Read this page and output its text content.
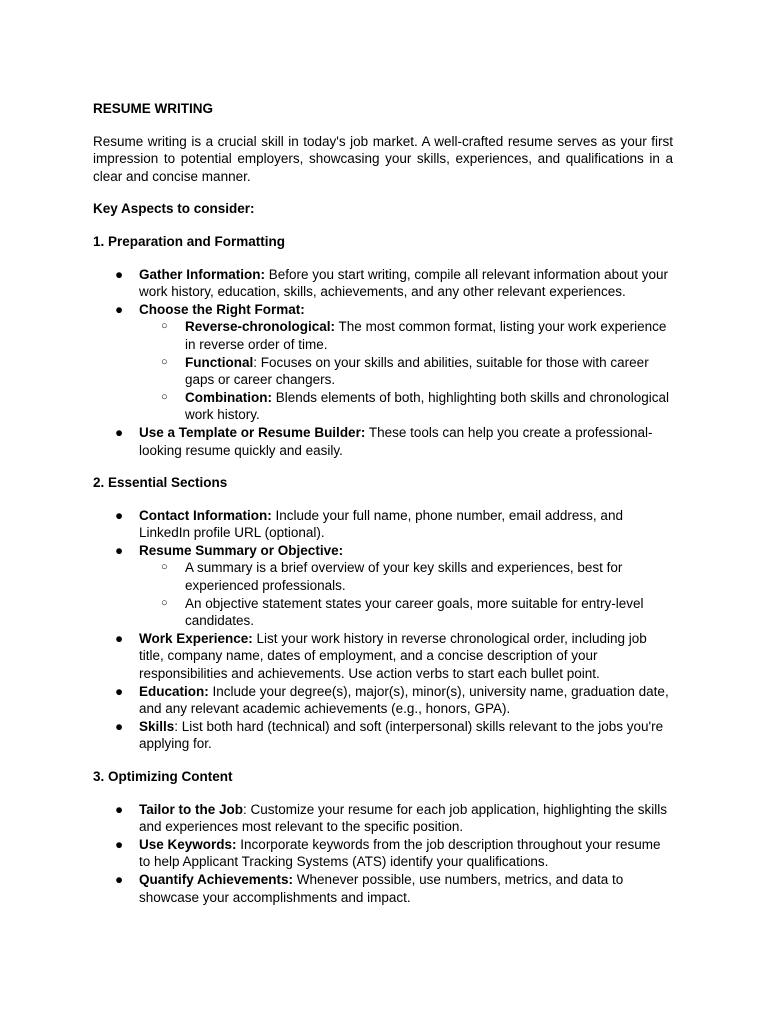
RESUME WRITING
Resume writing is a crucial skill in today's job market. A well-crafted resume serves as your first impression to potential employers, showcasing your skills, experiences, and qualifications in a clear and concise manner.
Key Aspects to consider:
1. Preparation and Formatting
●	Gather Information: Before you start writing, compile all relevant information about your work history, education, skills, achievements, and any other relevant experiences.
●	Choose the Right Format:
○	Reverse-chronological: The most common format, listing your work experience in reverse order of time.
○	Functional: Focuses on your skills and abilities, suitable for those with career gaps or career changers.
○	Combination: Blends elements of both, highlighting both skills and chronological work history.
●	Use a Template or Resume Builder: These tools can help you create a professional-looking resume quickly and easily.
2. Essential Sections
●	Contact Information: Include your full name, phone number, email address, and LinkedIn profile URL (optional).
●	Resume Summary or Objective:
○	A summary is a brief overview of your key skills and experiences, best for experienced professionals.
○	An objective statement states your career goals, more suitable for entry-level candidates.
●	Work Experience: List your work history in reverse chronological order, including job title, company name, dates of employment, and a concise description of your responsibilities and achievements. Use action verbs to start each bullet point.
●	Education: Include your degree(s), major(s), minor(s), university name, graduation date, and any relevant academic achievements (e.g., honors, GPA).
●	Skills: List both hard (technical) and soft (interpersonal) skills relevant to the jobs you're applying for.
3. Optimizing Content
●	Tailor to the Job: Customize your resume for each job application, highlighting the skills and experiences most relevant to the specific position.
●	Use Keywords: Incorporate keywords from the job description throughout your resume to help Applicant Tracking Systems (ATS) identify your qualifications.
●	Quantify Achievements: Whenever possible, use numbers, metrics, and data to showcase your accomplishments and impact.
